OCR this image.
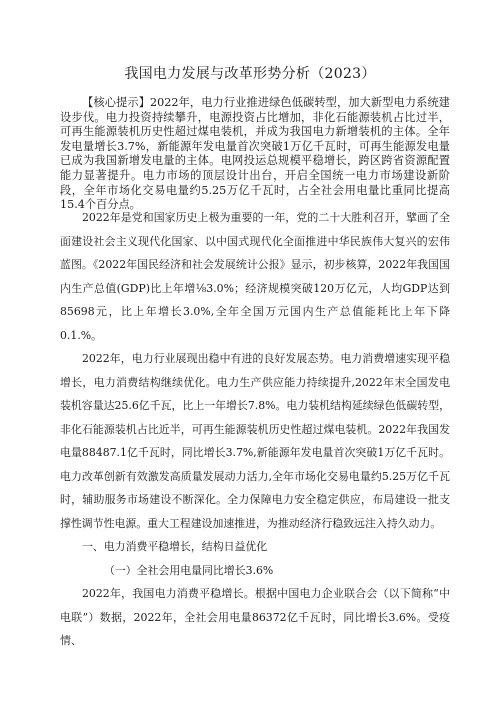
我国电力发展与改革形势分析（2023）
【核心提示】2022年，电力行业推进绿色低碳转型，加大新型电力系统建设步伐。电力投资持续攀升，电源投资占比增加，非化石能源装机占比过半，可再生能源装机历史性超过煤电装机，并成为我国电力新增装机的主体。全年发电量增长3.7%，新能源年发电量首次突破1万亿千瓦时，可再生能源发电量已成为我国新增发电量的主体。电网投运总规模平稳增长，跨区跨省资源配置能力显著提升。电力市场的顶层设计出台，开启全国统一电力市场建设新阶段，全年市场化交易电量约5.25万亿千瓦时，占全社会用电量比重同比提高15.4个百分点。

2022年是党和国家历史上极为重要的一年，党的二十大胜利召开，擘画了全面建设社会主义现代化国家、以中国式现代化全面推进中华民族伟大复兴的宏伟蓝图。《2022年国民经济和社会发展统计公报》显示，初步核算，2022年我国国内生产总值(GDP)比上年增⅛3.0%；经济规模突破120万亿元，人均GDP达到85698元，比上年增长3.0%,全年全国万元国内生产总值能耗比上年下降0.1.%。

2022年，电力行业展现出稳中有进的良好发展态势。电力消费增速实现平稳增长，电力消费结构继续优化。电力生产供应能力持续提升,2022年末全国发电装机容量达25.6亿千瓦，比上一年增长7.8%。电力装机结构延续绿色低碳转型，非化石能源装机占比近半，可再生能源装机历史性超过煤电装机。2022年我国发电量88487.1亿千瓦时，同比增长3.7%,新能源年发电量首次突破1万亿千瓦时。电力改革创新有效激发高质量发展动力活力,全年市场化交易电量约5.25万亿千瓦时，辅助服务市场建设不断深化。全力保障电力安全稳定供应，布局建设一批支撑性调节性电源。重大工程建设加速推进，为推动经济行稳致远注入持久动力。

一、电力消费平稳增长，结构日益优化

（一）全社会用电量同比增长3.6%

2022年，我国电力消费平稳增长。根据中国电力企业联合会（以下简称“中电联”）数据，2022年，全社会用电量86372亿千瓦时，同比增长3.6%。受疫情、
